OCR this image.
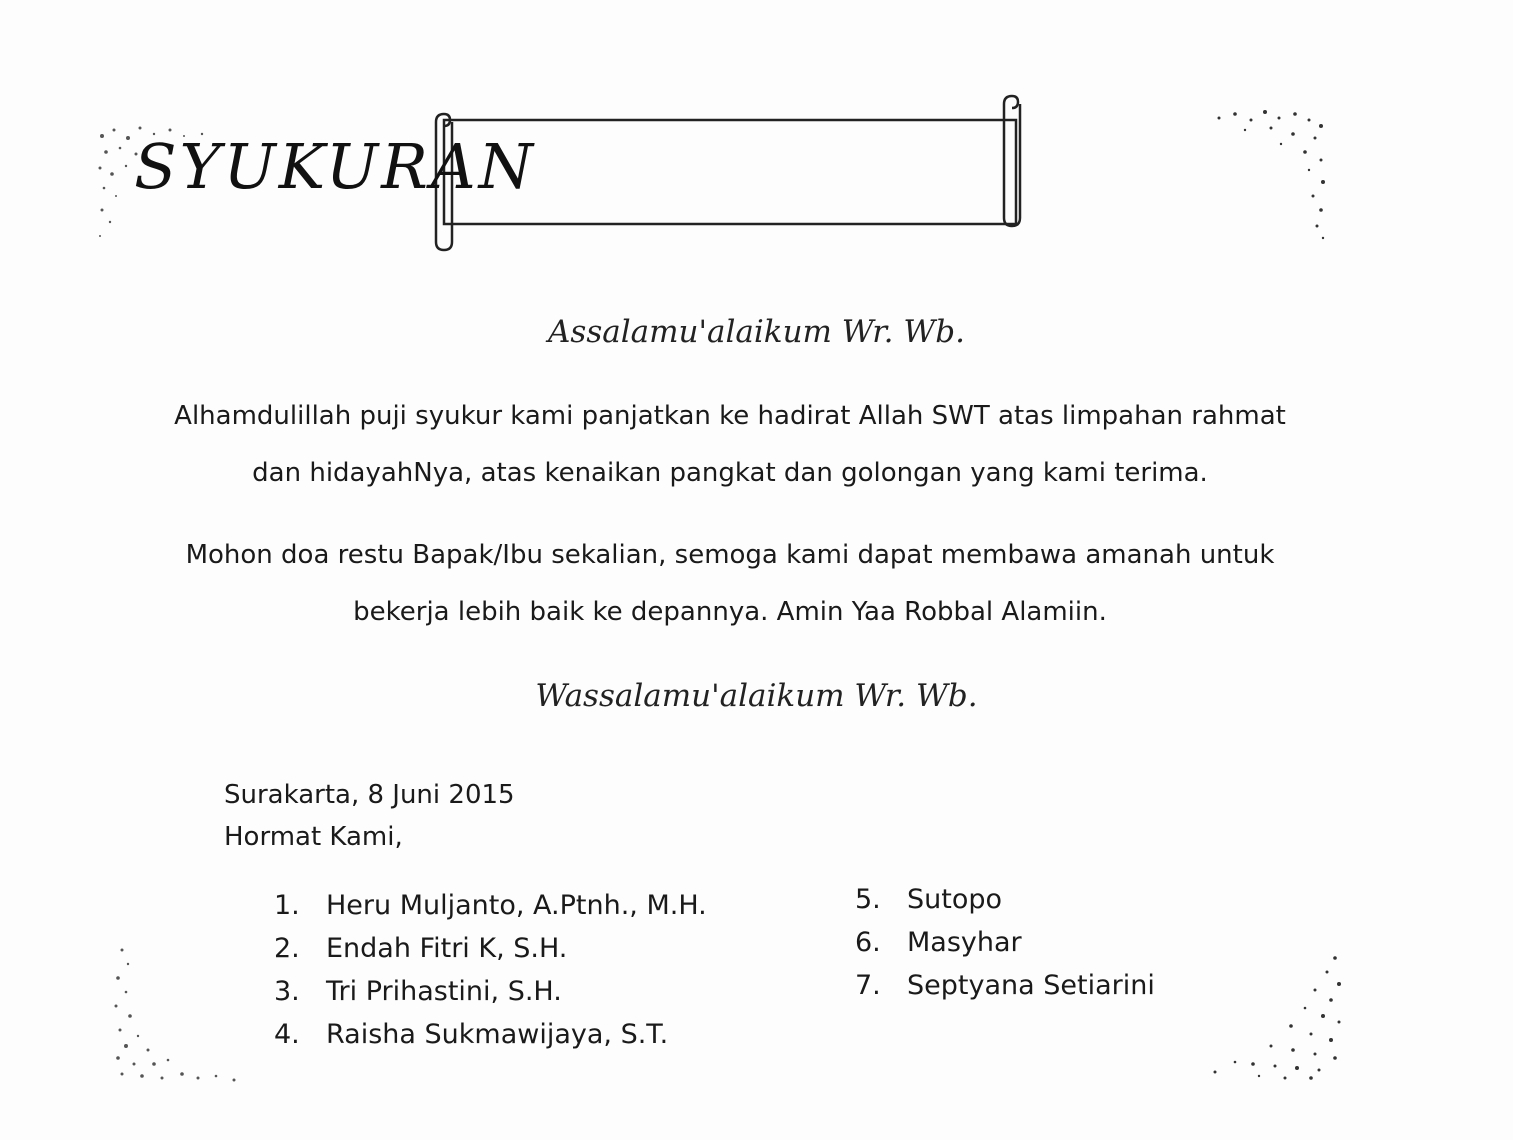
SYUKURAN
Assalamu'alaikum Wr. Wb.
Alhamdulillah puji syukur kami panjatkan ke hadirat Allah SWT atas limpahan rahmat
dan hidayahNya, atas kenaikan pangkat dan golongan yang kami terima.
Mohon doa restu Bapak/Ibu sekalian, semoga kami dapat membawa amanah untuk
bekerja lebih baik ke depannya. Amin Yaa Robbal Alamiin.
Wassalamu'alaikum Wr. Wb.
Surakarta, 8 Juni 2015
Hormat Kami,
1. Heru Muljanto, A.Ptnh., M.H.
2. Endah Fitri K, S.H.
3. Tri Prihastini, S.H.
4. Raisha Sukmawijaya, S.T.
5. Sutopo
6. Masyhar
7. Septyana Setiarini
